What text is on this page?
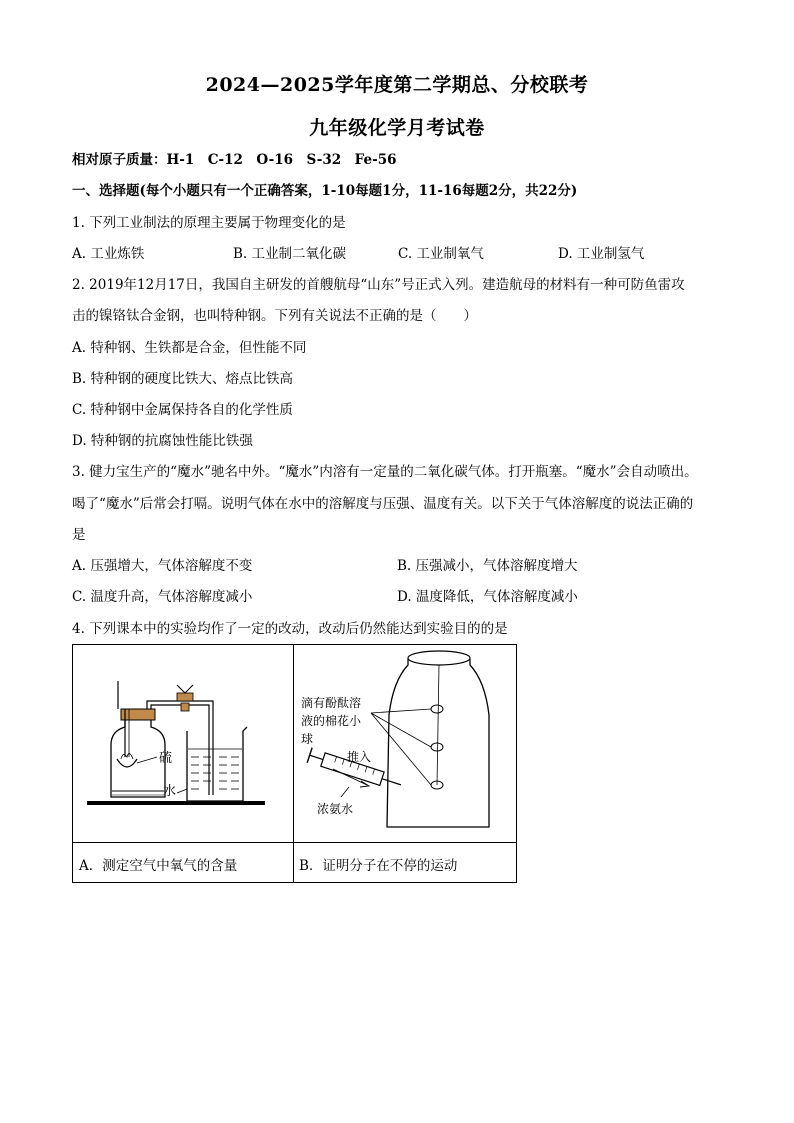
2024—2025学年度第二学期总、分校联考
九年级化学月考试卷
相对原子质量：H-1　C-12　O-16　S-32　Fe-56
一、选择题(每个小题只有一个正确答案，1-10每题1分，11-16每题2分，共22分)
1. 下列工业制法的原理主要属于物理变化的是
A. 工业炼铁	B. 工业制二氧化碳	C. 工业制氧气	D. 工业制氢气
2. 2019年12月17日，我国自主研发的首艘航母“山东”号正式入列。建造航母的材料有一种可防鱼雷攻
击的镍铬钛合金钢，也叫特种钢。下列有关说法不正确的是（　　）
A. 特种钢、生铁都是合金，但性能不同
B. 特种钢的硬度比铁大、熔点比铁高
C. 特种钢中金属保持各自的化学性质
D. 特种钢的抗腐蚀性能比铁强
3. 健力宝生产的“魔水”驰名中外。“魔水”内溶有一定量的二氧化碳气体。打开瓶塞。“魔水”会自动喷出。
喝了“魔水”后常会打嗝。说明气体在水中的溶解度与压强、温度有关。以下关于气体溶解度的说法正确的
是
A. 压强增大，气体溶解度不变	B. 压强减小，气体溶解度增大
C. 温度升高，气体溶解度减小	D. 温度降低，气体溶解度减小
4. 下列课本中的实验均作了一定的改动，改动后仍然能达到实验目的的是
硫
水
滴有酚酞溶
液的棉花小
球
推入
浓氨水
A．测定空气中氧气的含量	B．证明分子在不停的运动
